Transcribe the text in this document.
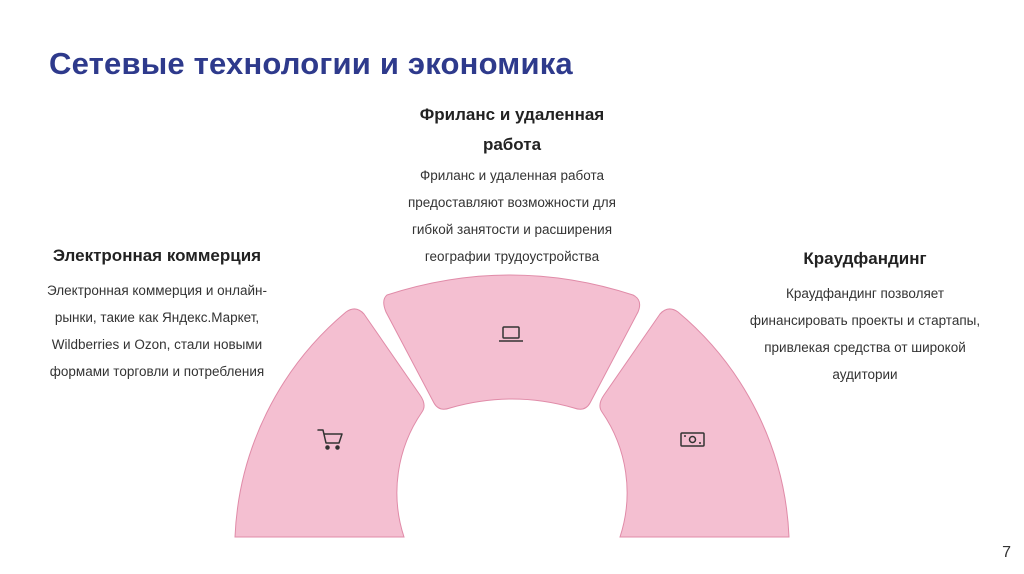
Сетевые технологии и экономика
Электронная коммерция

Электронная коммерция и онлайн-
рынки, такие как Яндекс.Маркет,
Wildberries и Ozon, стали новыми
формами торговли и потребления

Фриланс и удаленная
работа

Фриланс и удаленная работа
предоставляют возможности для
гибкой занятости и расширения
географии трудоустройства	Краудфандинг

Краудфандинг позволяет
финансировать проекты и стартапы,
привлекая средства от широкой
аудитории

7
